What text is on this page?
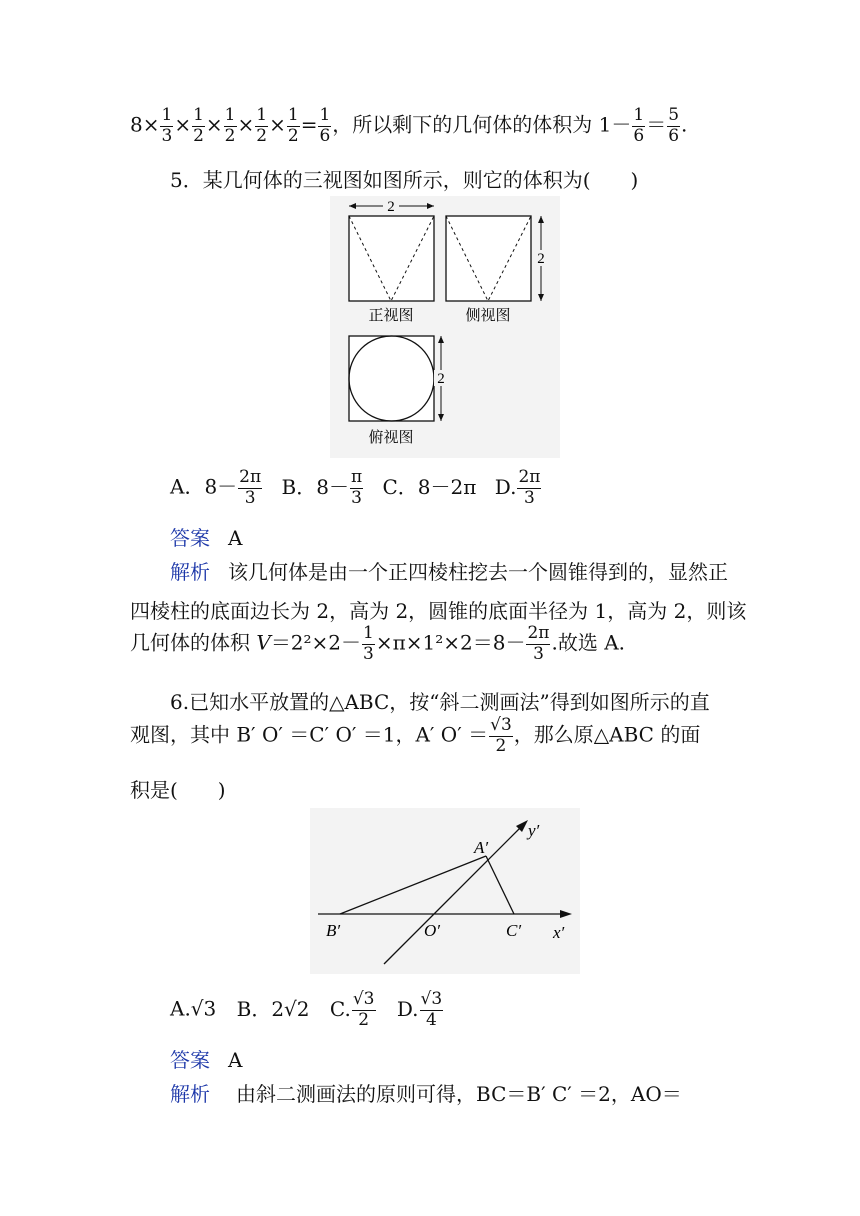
$8\times \frac{1}{3} \times \frac{1}{2} \times \frac{1}{2} \times \frac{1}{2} \times \frac{1}{2} = \frac{1}{6}$ ，所以剩下的几何体的体积为 $1- \frac{1}{6} = \frac{5}{6}$ .
5．某几何体的三视图如图所示，则它的体积为(　　)
2
2
正视图	侧视图
2
俯视图
A．$8- \frac{2\pi}{3}$ B．$8- \frac{\pi}{3}$ C．8－2π D. $\frac{2\pi}{3}$
答案 A
解析 该几何体是由一个正四棱柱挖去一个圆锥得到的，显然正
四棱柱的底面边长为 2，高为 2，圆锥的底面半径为 1，高为 2，则该
几何体的体积 $V=2^2\times 2- \frac{1}{3} \times\pi\times 1^2\times 2=8- \frac{2\pi}{3}$ .故选 A.
6.已知水平放置的△ABC，按“斜二测画法”得到如图所示的直
观图，其中 B′ O′ ＝C′ O′ ＝1，A′ $O' = \frac{√3}{2}$ ，那么原△ABC 的面
积是(　　)
A′
B′	O′	C′ x′
y′
A.√3 B．2√2 C. $\frac{√3}{2} D$. $\frac{√3}{4}$
答案 A
解析 由斜二测画法的原则可得，BC＝B′ C′ ＝2，AO＝
